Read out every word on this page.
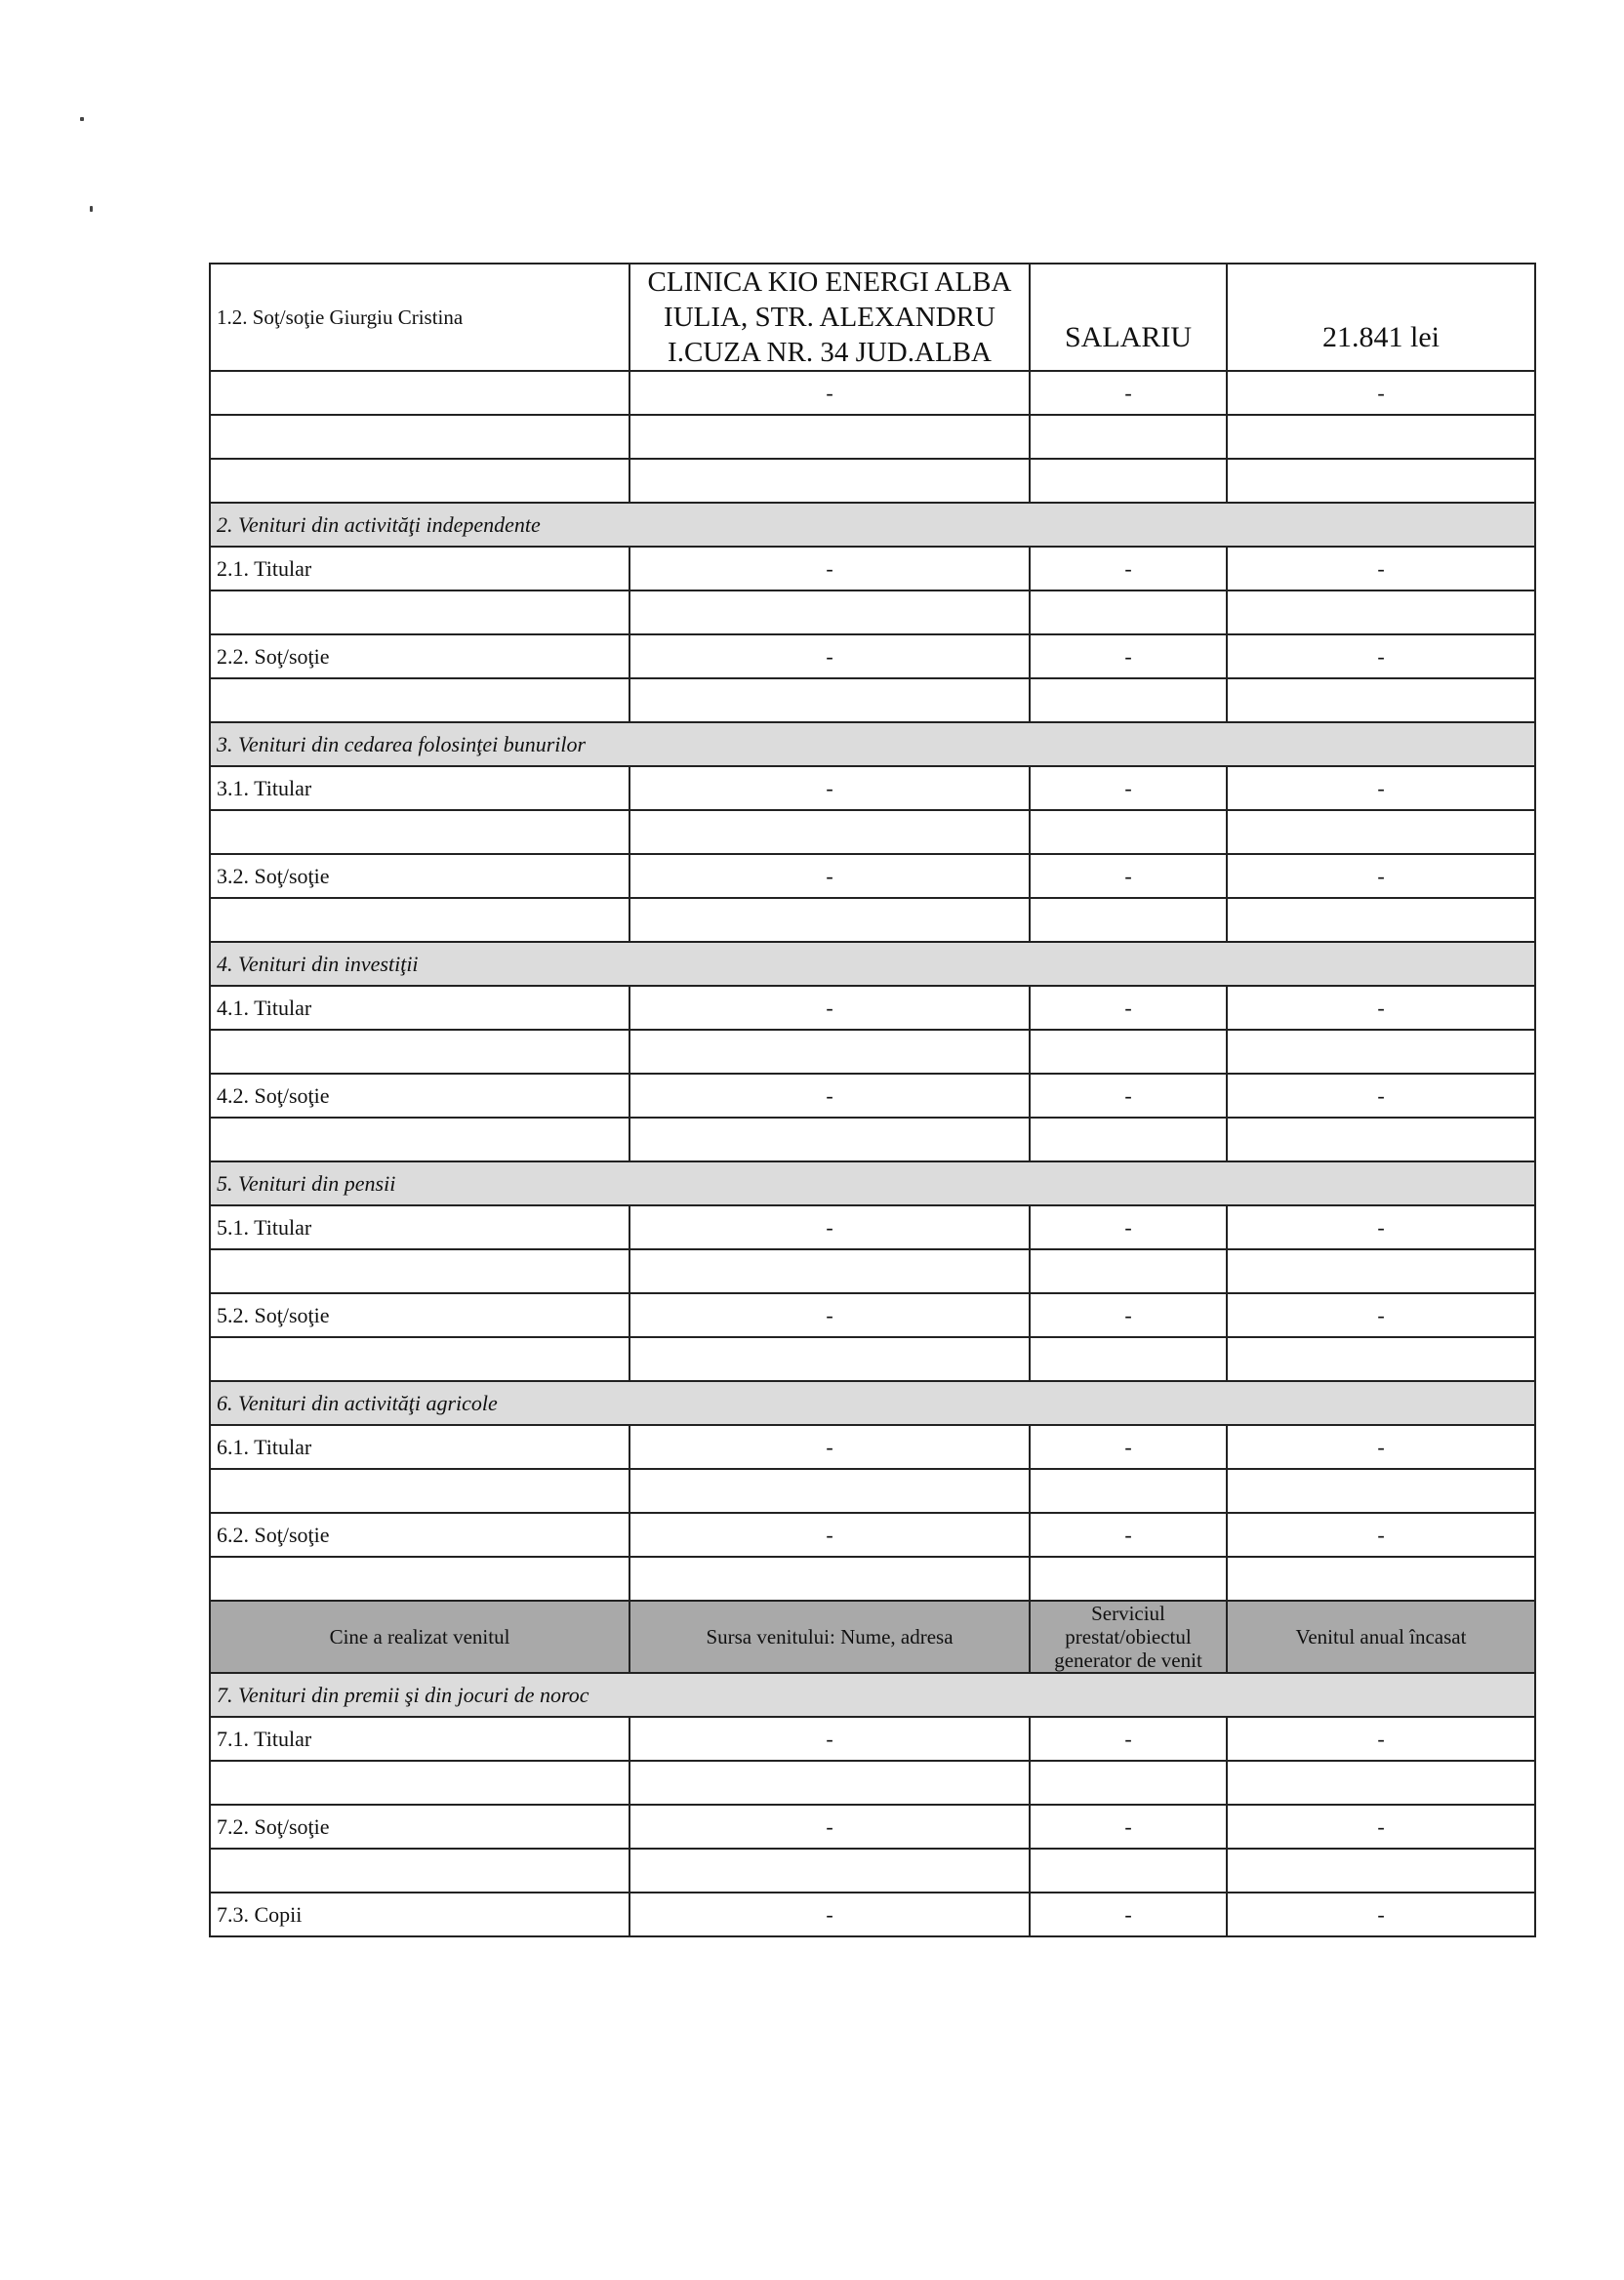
1.2. Soţ/soţie Giurgiu Cristina	CLINICA KIO ENERGI ALBA IULIA, STR. ALEXANDRU I.CUZA NR. 34 JUD.ALBA	SALARIU	21.841 lei
	-	-	-

2. Venituri din activităţi independente			
2.1. Titular	-	-	-

2.2. Soţ/soţie	-	-	-

3. Venituri din cedarea folosinţei bunurilor			
3.1. Titular	-	-	-

3.2. Soţ/soţie	-	-	-

4. Venituri din investiţii			
4.1. Titular	-	-	-

4.2. Soţ/soţie	-	-	-

5. Venituri din pensii			
5.1. Titular	-	-	-

5.2. Soţ/soţie	-	-	-

6. Venituri din activităţi agricole			
6.1. Titular	-	-	-

6.2. Soţ/soţie	-	-	-

Cine a realizat venitul	Sursa venitului: Nume, adresa	Serviciul prestat/obiectul generator de venit	Venitul anual încasat
7. Venituri din premii şi din jocuri de noroc			
7.1. Titular	-	-	-

7.2. Soţ/soţie	-	-	-

7.3. Copii	-	-	-
